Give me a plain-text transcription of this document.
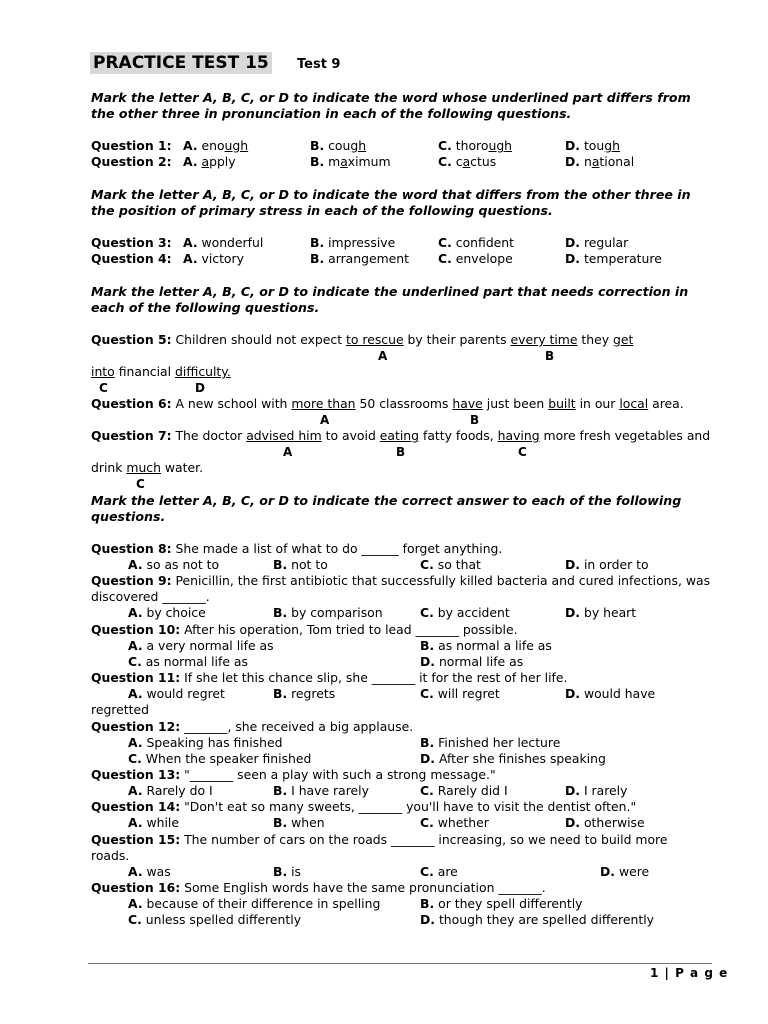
PRACTICE TEST 15 Test 9
Mark the letter A, B, C, or D to indicate the word whose underlined part differs from the other three in pronunciation in each of the following questions.
Question 1: A. enough	B. cough	C. thorough	D. tough
Question 2: A. apply	B. maximum	C. cactus	D. national
Mark the letter A, B, C, or D to indicate the word that differs from the other three in the position of primary stress in each of the following questions.
Question 3: A. wonderful	B. impressive	C. confident	D. regular
Question 4: A. victory	B. arrangement C. envelope	D. temperature
Mark the letter A, B, C, or D to indicate the underlined part that needs correction in each of the following questions.
Question 5: Children should not expect to rescue by their parents every time they get
A	B
into financial difficulty.
C	D
Question 6: A new school with more than 50 classrooms have just been built in our local area.
A	B
Question 7: The doctor advised him to avoid eating fatty foods, having more fresh vegetables and
A	B	C
drink much water.
C
Mark the letter A, B, C, or D to indicate the correct answer to each of the following questions.
Question 8: She made a list of what to do ______ forget anything.
A. so as not to	B. not to	C. so that	D. in order to
Question 9: Penicillin, the first antibiotic that successfully killed bacteria and cured infections, was
discovered _______.
A. by choice	B. by comparison	C. by accident	D. by heart
Question 10: After his operation, Tom tried to lead _______ possible.
A. a very normal life as	B. as normal a life as
C. as normal life as	D. normal life as
Question 11: If she let this chance slip, she _______ it for the rest of her life.
A. would regret	B. regrets	C. will regret	D. would have
regretted
Question 12: _______, she received a big applause.
A. Speaking has finished	B. Finished her lecture
C. When the speaker finished	D. After she finishes speaking
Question 13: "_______ seen a play with such a strong message."
A. Rarely do I	B. I have rarely	C. Rarely did I	D. I rarely
Question 14: "Don't eat so many sweets, _______ you'll have to visit the dentist often."
A. while	B. when	C. whether	D. otherwise
Question 15: The number of cars on the roads _______ increasing, so we need to build more
roads.
A. was	B. is	C. are	D. were
Question 16: Some English words have the same pronunciation _______.
A. because of their difference in spelling	B. or they spell differently
C. unless spelled differently	D. though they are spelled differently
1 | P a g e
